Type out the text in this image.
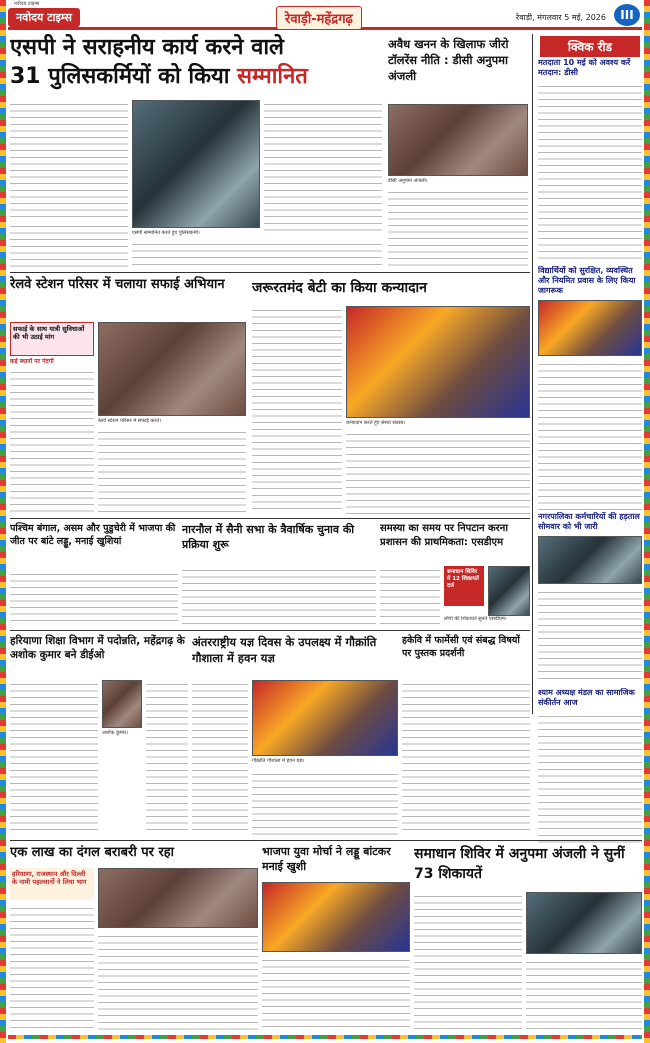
नवोदय टाइम्स
नवोदय टाइम्स	रेवाड़ी-महेंद्रगढ़	रेवाड़ी, मंगलवार 5 मई, 2026	III
एसपी ने सराहनीय कार्य करने वाले
31 पुलिसकर्मियों को किया सम्मानित
एसपी सम्मानित करते हुए पुलिसकर्मी।
अवैध खनन के खिलाफ जीरो टॉलरेंस नीति : डीसी अनुपमा अंजली
डीसी अनुपमा अंजली।
क्विक रीड
मतदाता 10 मई को अवश्य करें मतदान: डीसी
विद्यार्थियों को सुरक्षित, व्यवस्थित और नियमित प्रवास के लिए किया जागरूक
नगरपालिका कर्मचारियों की हड़ताल सोमवार को भी जारी
श्याम अध्यक्ष मंडल का सामाजिक संकीर्तन आज
रेलवे स्टेशन परिसर में चलाया सफाई अभियान
सफाई के साथ यात्री सुविधाओं की भी उठाई मांग
कई स्थानों पर गंदगी
रेलवे स्टेशन परिसर में सफाई करते।
जरूरतमंद बेटी का किया कन्यादान
कन्यादान करते हुए संस्था सदस्य।
पश्चिम बंगाल, असम और पुडुचेरी में भाजपा की जीत पर बांटे लड्डू, मनाई खुशियां
नारनौल में सैनी सभा के त्रैवार्षिक चुनाव की प्रक्रिया शुरू
समस्या का समय पर निपटान करना प्रशासन की प्राथमिकता: एसडीएम
समाधान शिविर में 12 शिकायतें दर्ज
लोगों की शिकायतें सुनते एसडीएम।
हरियाणा शिक्षा विभाग में पदोन्नति, महेंद्रगढ़ के अशोक कुमार बने डीईओ
अशोक कुमार।
अंतरराष्ट्रीय यज्ञ दिवस के उपलक्ष्य में गौक्रांति गौशाला में हवन यज्ञ
गौक्रांति गौशाला में हवन यज्ञ।
हकेवि में फार्मेसी एवं संबद्ध विषयों पर पुस्तक प्रदर्शनी
एक लाख का दंगल बराबरी पर रहा
हरियाणा, राजस्थान और दिल्ली के नामी पहलवानों ने लिया भाग
भाजपा युवा मोर्चा ने लड्डू बांटकर मनाई खुशी
समाधान शिविर में अनुपमा अंजली ने सुनीं 73 शिकायतें
